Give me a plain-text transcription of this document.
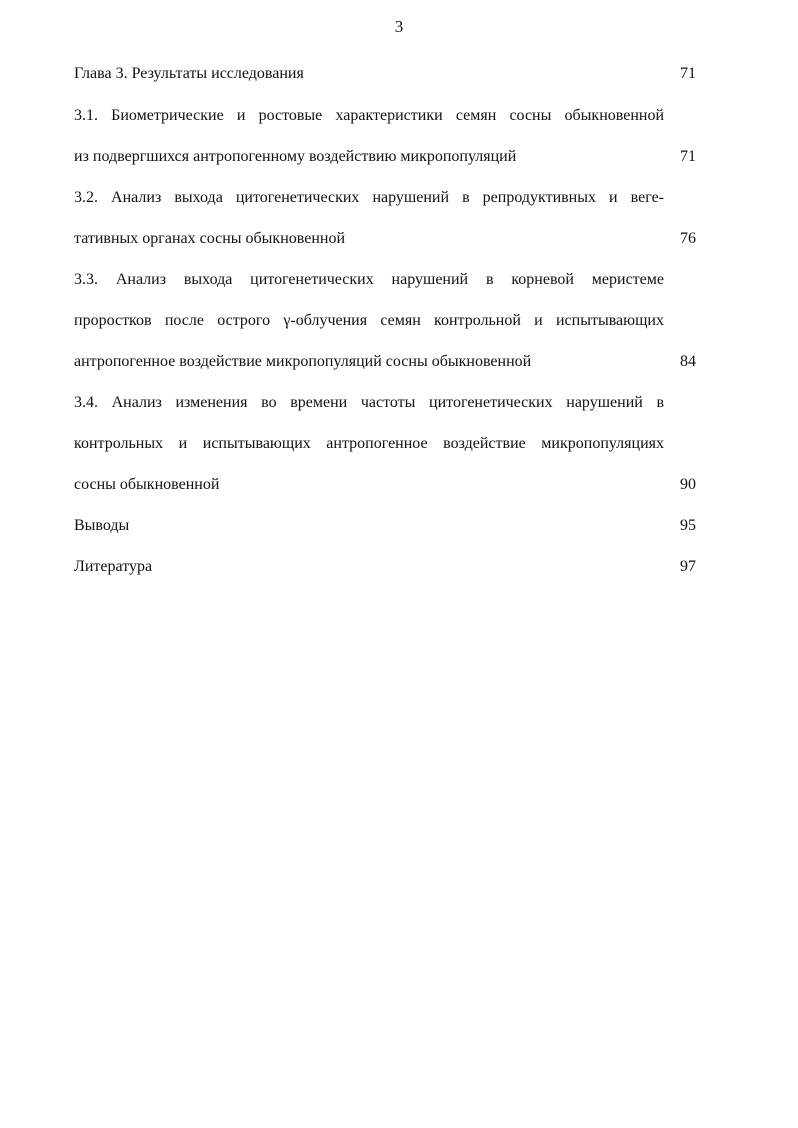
3
Глава 3. Результаты исследования	71
3.1. Биометрические и ростовые характеристики семян сосны обыкновенной
из подвергшихся антропогенному воздействию микропопуляций	71
3.2. Анализ выхода цитогенетических нарушений в репродуктивных и веге-
тативных органах сосны обыкновенной	76
3.3. Анализ выхода цитогенетических нарушений в корневой меристеме
проростков после острого γ-облучения семян контрольной и испытывающих
антропогенное воздействие микропопуляций сосны обыкновенной	84
3.4. Анализ изменения во времени частоты цитогенетических нарушений в
контрольных и испытывающих антропогенное воздействие микропопуляциях
сосны обыкновенной	90
Выводы	95
Литература	97
